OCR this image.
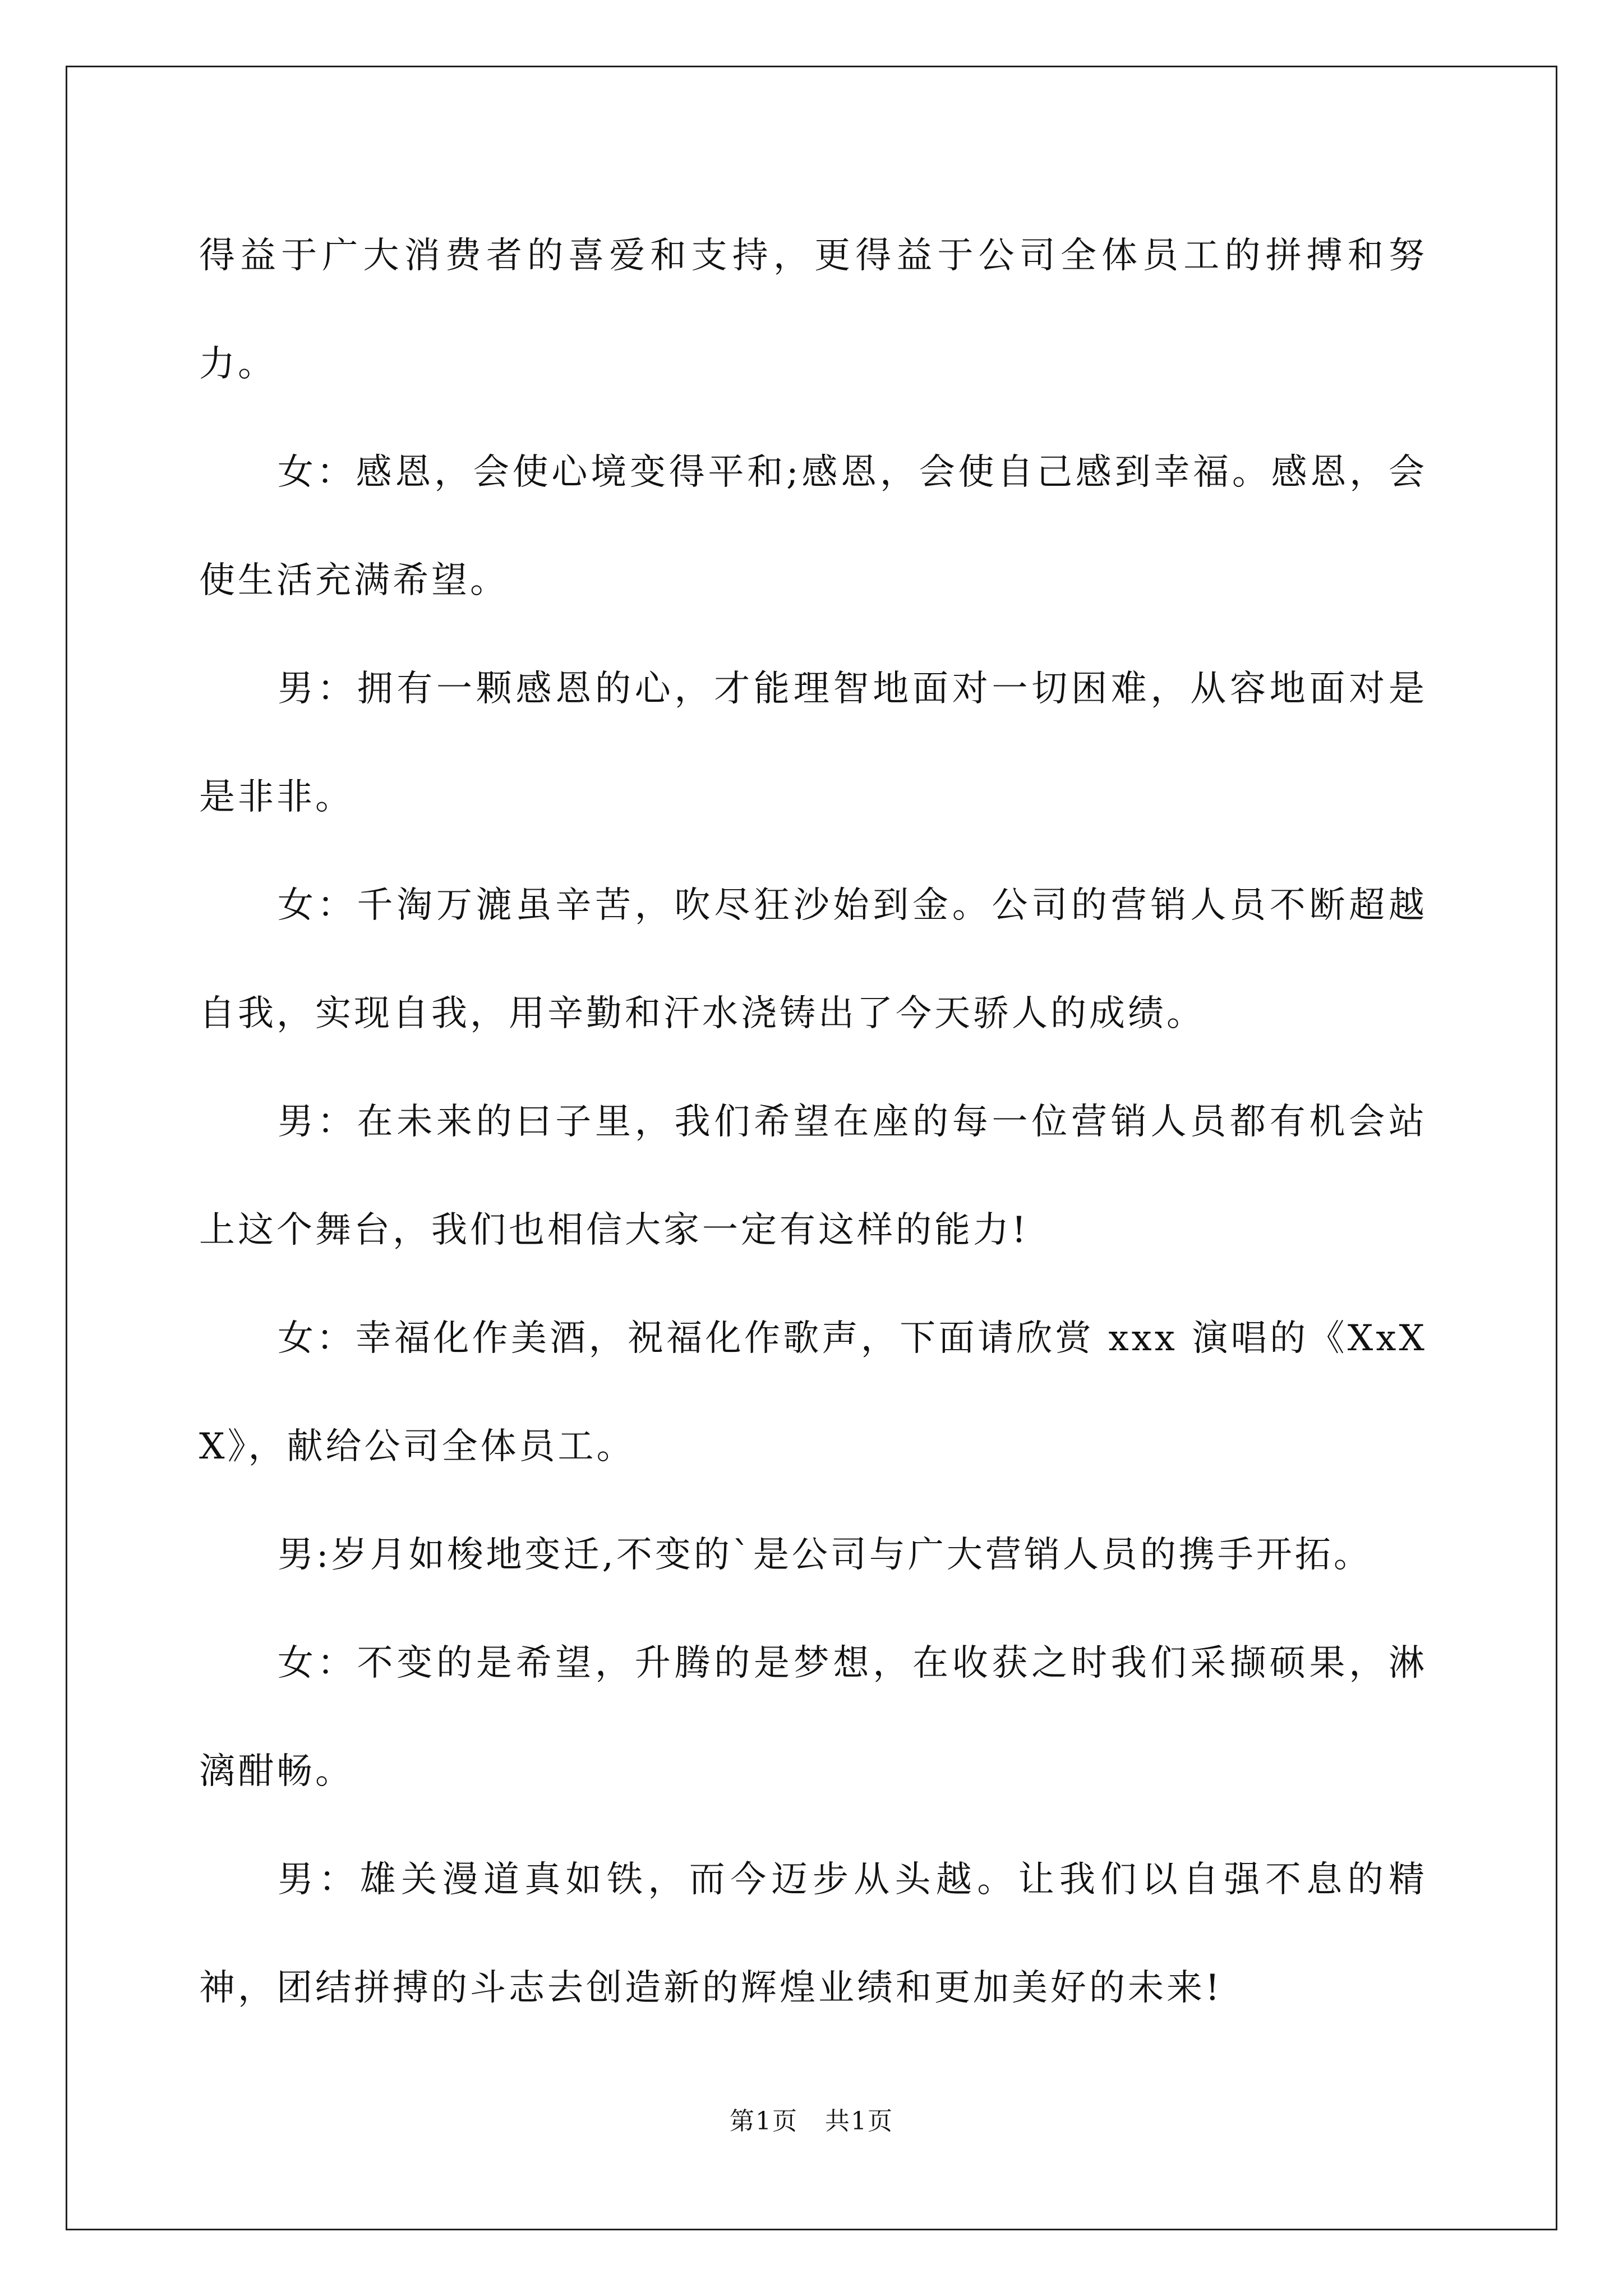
得益于广大消费者的喜爱和支持，更得益于公司全体员工的拼搏和努力。

女：感恩，会使心境变得平和;感恩，会使自己感到幸福。感恩，会使生活充满希望。

男：拥有一颗感恩的心，才能理智地面对一切困难，从容地面对是是非非。

女：千淘万漉虽辛苦，吹尽狂沙始到金。公司的营销人员不断超越自我，实现自我，用辛勤和汗水浇铸出了今天骄人的成绩。

男：在未来的曰子里，我们希望在座的每一位营销人员都有机会站上这个舞台，我们也相信大家一定有这样的能力!

女：幸福化作美酒，祝福化作歌声，下面请欣赏 xxx 演唱的《XxXX》，献给公司全体员工。

男:岁月如梭地变迁,不变的`是公司与广大营销人员的携手开拓。

女：不变的是希望，升腾的是梦想，在收获之时我们采撷硕果，淋漓酣畅。

男：雄关漫道真如铁，而今迈步从头越。让我们以自强不息的精神，团结拼搏的斗志去创造新的辉煌业绩和更加美好的未来!

第1页 共1页
